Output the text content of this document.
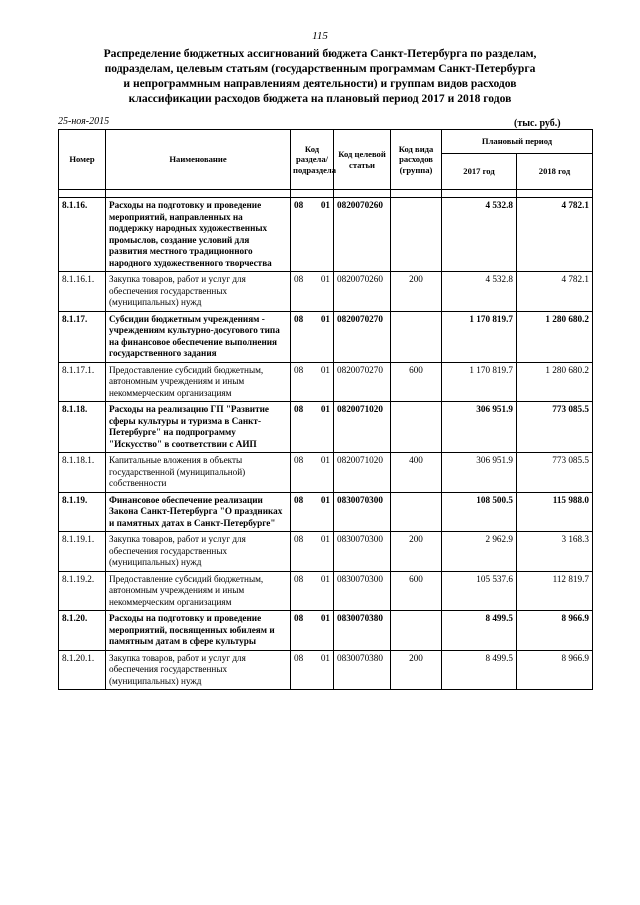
115
Распределение бюджетных ассигнований бюджета Санкт-Петербурга по разделам,
подразделам, целевым статьям (государственным программам Санкт-Петербурга
и непрограммным направлениям деятельности) и группам видов расходов
классификации расходов бюджета на плановый период 2017 и 2018 годов
25-ноя-2015	(тыс. руб.)
Номер	Наименование	Код раздела/ подраздела	Код целевой статьи	Код вида расходов (группа)	Плановый период	
					2017 год	2018 год

8.1.16.	Расходы на подготовку и проведение мероприятий, направленных на поддержку народных художественных промыслов, создание условий для развития местного традиционного народного художественного творчества	08 01	0820070260		4 532.8	4 782.1
8.1.16.1.	Закупка товаров, работ и услуг для обеспечения государственных (муниципальных) нужд	08 01	0820070260	200	4 532.8	4 782.1
8.1.17.	Субсидии бюджетным учреждениям - учреждениям культурно-досугового типа на финансовое обеспечение выполнения государственного задания	08 01	0820070270		1 170 819.7	1 280 680.2
8.1.17.1.	Предоставление субсидий бюджетным, автономным учреждениям и иным некоммерческим организациям	08 01	0820070270	600	1 170 819.7	1 280 680.2
8.1.18.	Расходы на реализацию ГП "Развитие сферы культуры и туризма в Санкт-Петербурге" на подпрограмму "Искусство" в соответствии с АИП	08 01	0820071020		306 951.9	773 085.5
8.1.18.1.	Капитальные вложения в объекты государственной (муниципальной) собственности	08 01	0820071020	400	306 951.9	773 085.5
8.1.19.	Финансовое обеспечение реализации Закона Санкт-Петербурга "О праздниках и памятных датах в Санкт-Петербурге"	08 01	0830070300		108 500.5	115 988.0
8.1.19.1.	Закупка товаров, работ и услуг для обеспечения государственных (муниципальных) нужд	08 01	0830070300	200	2 962.9	3 168.3
8.1.19.2.	Предоставление субсидий бюджетным, автономным учреждениям и иным некоммерческим организациям	08 01	0830070300	600	105 537.6	112 819.7
8.1.20.	Расходы на подготовку и проведение мероприятий, посвященных юбилеям и памятным датам в сфере культуры	08 01	0830070380		8 499.5	8 966.9
8.1.20.1.	Закупка товаров, работ и услуг для обеспечения государственных (муниципальных) нужд	08 01	0830070380	200	8 499.5	8 966.9
